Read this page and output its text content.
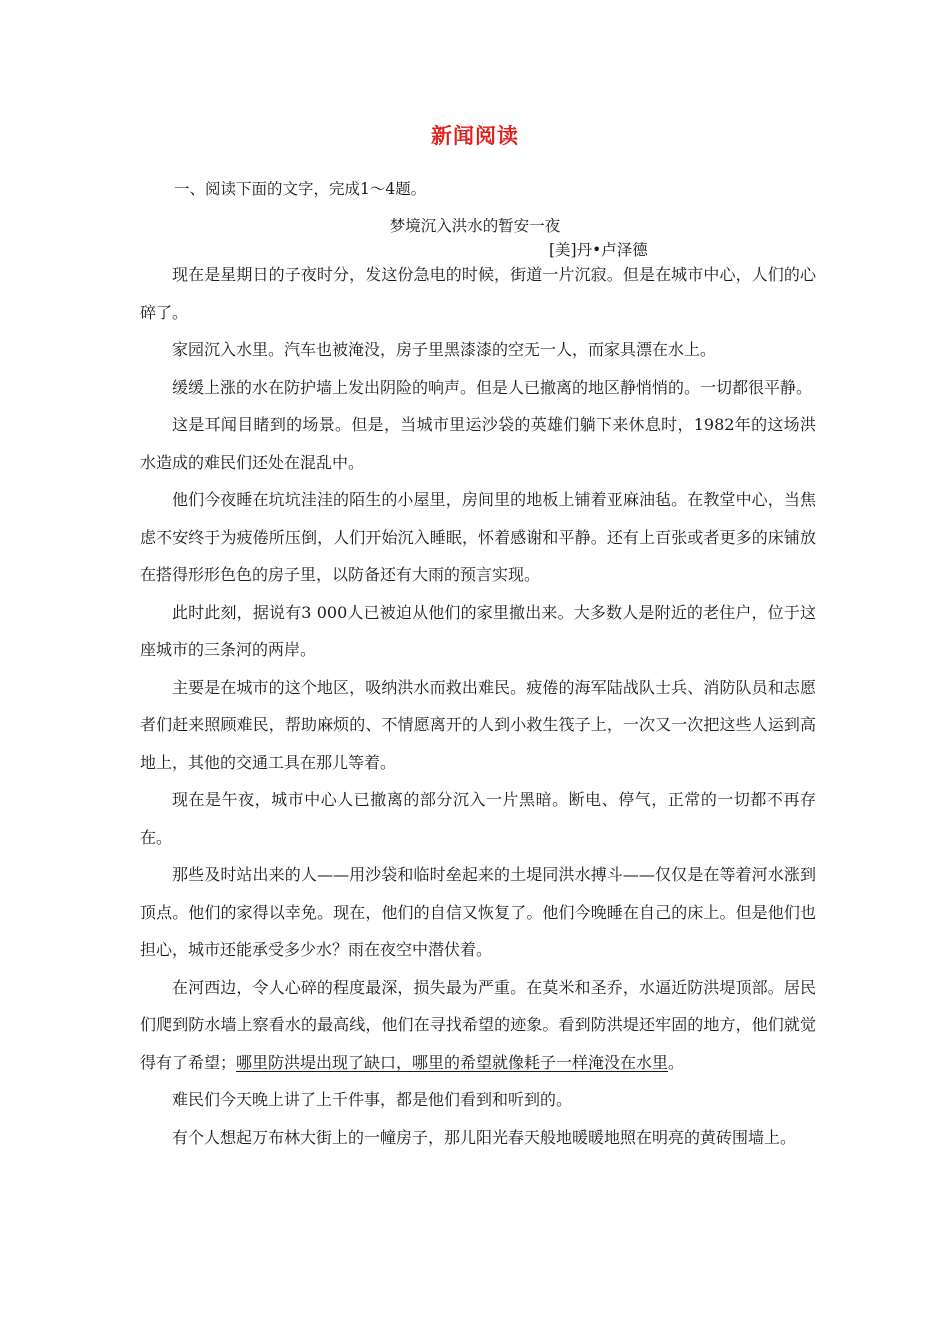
新闻阅读
一、阅读下面的文字，完成1～4题。
梦境沉入洪水的暂安一夜
[美]丹•卢泽德

现在是星期日的子夜时分，发这份急电的时候，街道一片沉寂。但是在城市中心，人们的心碎了。

家园沉入水里。汽车也被淹没，房子里黑漆漆的空无一人，而家具漂在水上。

缓缓上涨的水在防护墙上发出阴险的响声。但是人已撤离的地区静悄悄的。一切都很平静。

这是耳闻目睹到的场景。但是，当城市里运沙袋的英雄们躺下来休息时，1982年的这场洪水造成的难民们还处在混乱中。

他们今夜睡在坑坑洼洼的陌生的小屋里，房间里的地板上铺着亚麻油毡。在教堂中心，当焦虑不安终于为疲倦所压倒，人们开始沉入睡眠，怀着感谢和平静。还有上百张或者更多的床铺放在搭得形形色色的房子里，以防备还有大雨的预言实现。

此时此刻，据说有3 000人已被迫从他们的家里撤出来。大多数人是附近的老住户，位于这座城市的三条河的两岸。

主要是在城市的这个地区，吸纳洪水而救出难民。疲倦的海军陆战队士兵、消防队员和志愿者们赶来照顾难民，帮助麻烦的、不情愿离开的人到小救生筏子上，一次又一次把这些人运到高地上，其他的交通工具在那儿等着。

现在是午夜，城市中心人已撤离的部分沉入一片黑暗。断电、停气，正常的一切都不再存在。

那些及时站出来的人——用沙袋和临时垒起来的土堤同洪水搏斗——仅仅是在等着河水涨到顶点。他们的家得以幸免。现在，他们的自信又恢复了。他们今晚睡在自己的床上。但是他们也担心，城市还能承受多少水？雨在夜空中潜伏着。

在河西边，令人心碎的程度最深，损失最为严重。在莫米和圣乔，水逼近防洪堤顶部。居民们爬到防水墙上察看水的最高线，他们在寻找希望的迹象。看到防洪堤还牢固的地方，他们就觉得有了希望；哪里防洪堤出现了缺口，哪里的希望就像耗子一样淹没在水里。

难民们今天晚上讲了上千件事，都是他们看到和听到的。

有个人想起万布林大街上的一幢房子，那儿阳光春天般地暖暖地照在明亮的黄砖围墙上。
